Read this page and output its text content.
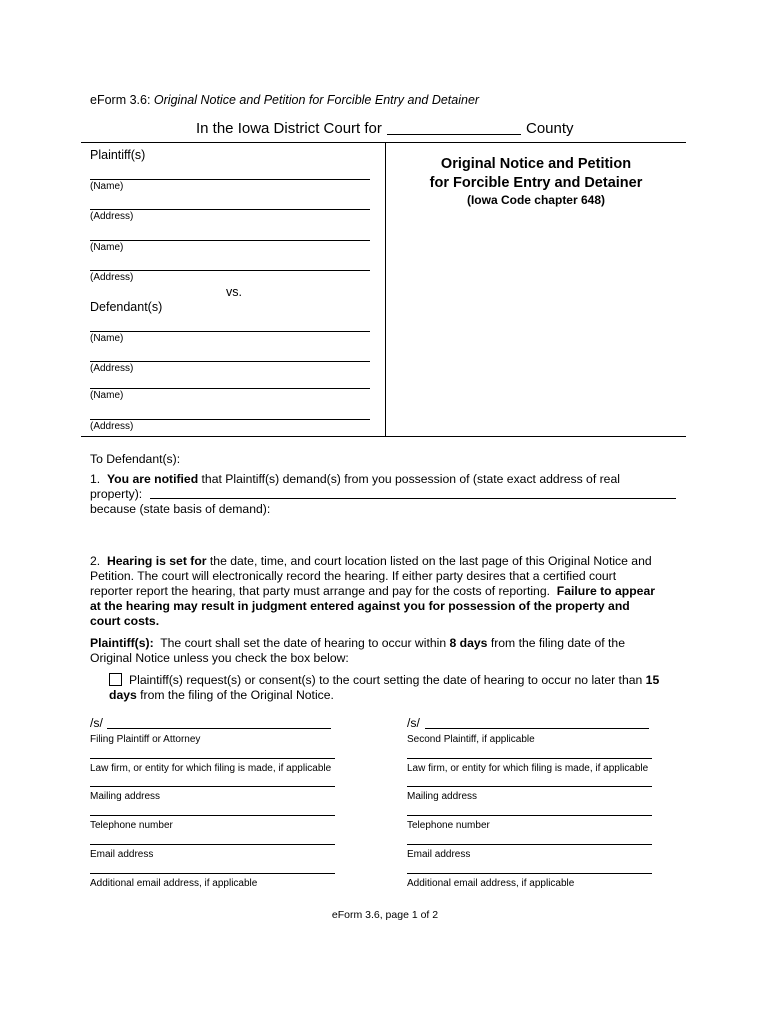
eForm 3.6: Original Notice and Petition for Forcible Entry and Detainer
In the Iowa District Court for	County
Plaintiff(s)
(Name)
(Address)
(Name)
(Address)
vs.
Defendant(s)
(Name)
(Address)
(Name)
(Address)
Original Notice and Petition
for Forcible Entry and Detainer
(Iowa Code chapter 648)
To Defendant(s):
1. You are notified that Plaintiff(s) demand(s) from you possession of (state exact address of real
property):
because (state basis of demand):
2. Hearing is set for the date, time, and court location listed on the last page of this Original Notice and
Petition. The court will electronically record the hearing. If either party desires that a certified court
reporter report the hearing, that party must arrange and pay for the costs of reporting. Failure to appear
at the hearing may result in judgment entered against you for possession of the property and
court costs.
Plaintiff(s): The court shall set the date of hearing to occur within 8 days from the filing date of the
Original Notice unless you check the box below:
Plaintiff(s) request(s) or consent(s) to the court setting the date of hearing to occur no later than 15
days from the filing of the Original Notice.
/s/
Filing Plaintiff or Attorney
Law firm, or entity for which filing is made, if applicable
Mailing address
Telephone number
Email address
Additional email address, if applicable
/s/
Second Plaintiff, if applicable
Law firm, or entity for which filing is made, if applicable
Mailing address
Telephone number
Email address
Additional email address, if applicable
eForm 3.6, page 1 of 2
